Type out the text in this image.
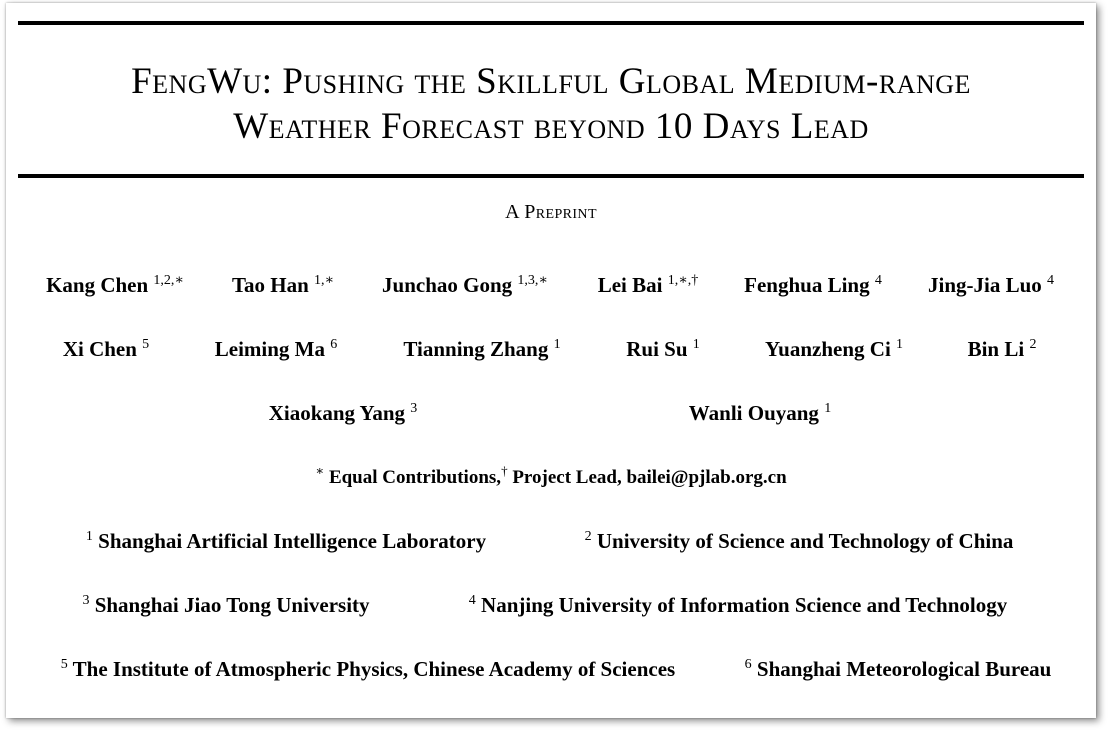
FengWu: Pushing the Skillful Global Medium-range
Weather Forecast beyond 10 Days Lead
A Preprint
Kang Chen $^{1,2,∗}$ Tao Han $^{1,∗}$ Junchao Gong $^{1,3,∗}$ Lei Bai $^{1,∗,\dagger}$ Fenghua Ling $^4$ Jing-Jia Luo $^4$
Xi Chen $^5$	Leiming Ma $^6$	Tianning Zhang $^1$	Rui Su $^1$	Yuanzheng Ci $^1$	Bin Li $^2$
Xiaokang Yang $^3$	Wanli Ouyang $^1$
∗ Equal Contributions,† Project Lead, bailei@pjlab.org.cn
$^1$ Shanghai Artificial Intelligence Laboratory	$^2$ University of Science and Technology of China
$^3$ Shanghai Jiao Tong University	$^4$ Nanjing University of Information Science and Technology
$^5$ The Institute of Atmospheric Physics, Chinese Academy of Sciences	$^6$ Shanghai Meteorological Bureau
